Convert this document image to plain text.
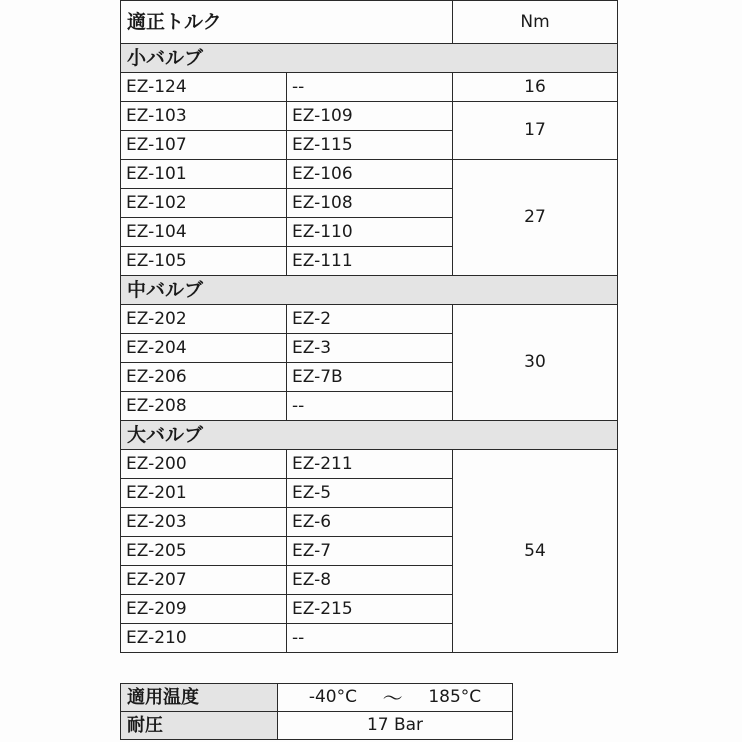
適正トルク		Nm
小バルブ		
EZ-124	--	16
EZ-103	EZ-109	17
EZ-107	EZ-115	
EZ-101	EZ-106	27
EZ-102	EZ-108	
EZ-104	EZ-110	
EZ-105	EZ-111	
中バルブ		
EZ-202	EZ-2	30
EZ-204	EZ-3	
EZ-206	EZ-7B	
EZ-208	--	
大バルブ		
EZ-200	EZ-211	54
EZ-201	EZ-5	
EZ-203	EZ-6	
EZ-205	EZ-7	
EZ-207	EZ-8	
EZ-209	EZ-215	
EZ-210	--	
適用温度	-40°C ～ 185°C

耐圧	17 Bar
